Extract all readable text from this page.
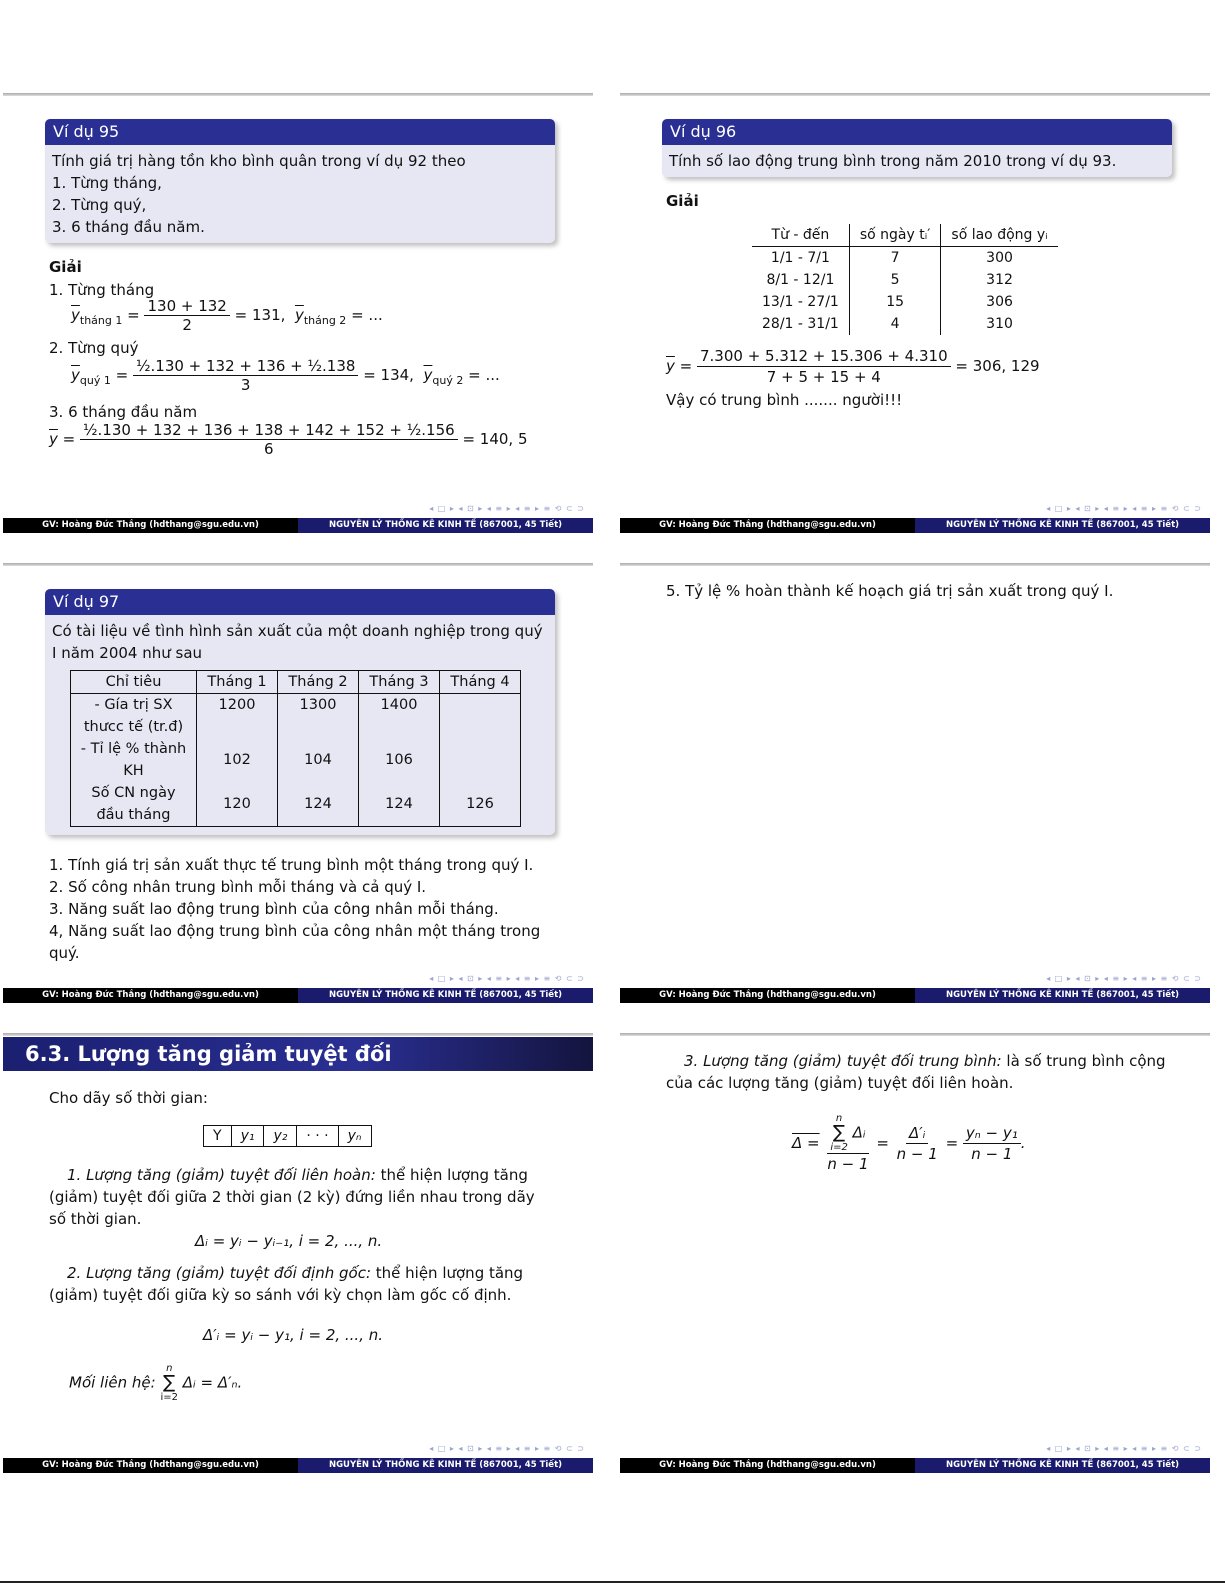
Ví dụ 95
Tính giá trị hàng tồn kho bình quân trong ví dụ 92 theo
1. Từng tháng,
2. Từng quý,
3. 6 tháng đầu năm.
Giải
1. Từng tháng
$\overline{y}_{tháng 1} = \frac{130 + 132}{2} = 131$, $\overline{y}_{tháng 2}$ = ...
2. Từng quý
$\overline{y}_{quý 1} = \frac{\text{½.130 + 132 + 136 + ½.138}}{3} = 134$, $\overline{y}_{quý 2}$ = ...
3. 6 tháng đầu năm
$\overline{y} = \frac{\text{½.130 + 132 + 136 + 138 + 142 + 152 + ½.156}}{6} = 140$, 5
◂ □ ▸ ◂ ⊡ ▸ ◂ ≡ ▸ ◂ ≡ ▸ ≡ ⟲ ⊂ ⊃
GV: Hoàng Đức Thắng (hdthang@sgu.edu.vn)	NGUYÊN LÝ THỐNG KÊ KINH TẾ (867001, 45 Tiết)
Ví dụ 96
Tính số lao động trung bình trong năm 2010 trong ví dụ 93.
Giải
Từ - đến	số ngày tᵢ′	số lao động yᵢ
1/1 - 7/1	7	300
8/1 - 12/1	5	312
13/1 - 27/1	15	306
28/1 - 31/1	4	310
$\overline{y} = \frac{7.300 + 5.312 + 15.306 + 4.310}{7 + 5 + 15 + 4} = 306$, 129
Vậy có trung bình ....... người!!!
◂ □ ▸ ◂ ⊡ ▸ ◂ ≡ ▸ ◂ ≡ ▸ ≡ ⟲ ⊂ ⊃
GV: Hoàng Đức Thắng (hdthang@sgu.edu.vn)	NGUYÊN LÝ THỐNG KÊ KINH TẾ (867001, 45 Tiết)
Ví dụ 97
Có tài liệu về tình hình sản xuất của một doanh nghiệp trong quý I năm 2004 như sau
Chỉ tiêu	Tháng 1	Tháng 2	Tháng 3	Tháng 4
- Gía trị SX thưcc tế (tr.đ)	1200	1300	1400	
- Tỉ lệ % thành KH	102	104	106	
Số CN ngày đầu tháng	120	124	124	126
1. Tính giá trị sản xuất thực tế trung bình một tháng trong quý I.
2. Số công nhân trung bình mỗi tháng và cả quý I.
3. Năng suất lao động trung bình của công nhân mỗi tháng.
4, Năng suất lao động trung bình của công nhân một tháng trong quý.
◂ □ ▸ ◂ ⊡ ▸ ◂ ≡ ▸ ◂ ≡ ▸ ≡ ⟲ ⊂ ⊃
GV: Hoàng Đức Thắng (hdthang@sgu.edu.vn)	NGUYÊN LÝ THỐNG KÊ KINH TẾ (867001, 45 Tiết)
5. Tỷ lệ % hoàn thành kế hoạch giá trị sản xuất trong quý I.
◂ □ ▸ ◂ ⊡ ▸ ◂ ≡ ▸ ◂ ≡ ▸ ≡ ⟲ ⊂ ⊃
GV: Hoàng Đức Thắng (hdthang@sgu.edu.vn)	NGUYÊN LÝ THỐNG KÊ KINH TẾ (867001, 45 Tiết)
6.3. Lượng tăng giảm tuyệt đối
Cho dãy số thời gian:
Y	y₁	y₂	· · ·	yₙ
1. Lượng tăng (giảm) tuyệt đối liên hoàn: thể hiện lượng tăng (giảm) tuyệt đối giữa 2 thời gian (2 kỳ) đứng liền nhau trong dãy số thời gian.
Δᵢ = yᵢ − yᵢ₋₁, i = 2, ..., n.
2. Lượng tăng (giảm) tuyệt đối định gốc: thể hiện lượng tăng (giảm) tuyệt đối giữa kỳ so sánh với kỳ chọn làm gốc cố định.
Δ′ᵢ = yᵢ − y₁, i = 2, ..., n.
Mối liên hệ:
n
∑
i=2
Δᵢ = Δ′ₙ.
◂ □ ▸ ◂ ⊡ ▸ ◂ ≡ ▸ ◂ ≡ ▸ ≡ ⟲ ⊂ ⊃
GV: Hoàng Đức Thắng (hdthang@sgu.edu.vn)	NGUYÊN LÝ THỐNG KÊ KINH TẾ (867001, 45 Tiết)
3. Lượng tăng (giảm) tuyệt đối trung bình: là số trung bình cộng của các lượng tăng (giảm) tuyệt đối liên hoàn.
Δ = n
∑
i=2
Δᵢ
$n - 1 = \frac{\text{Δ′ᵢ}}{n - 1} = \frac{\text{yₙ − y₁}}{n - 1}$ .
◂ □ ▸ ◂ ⊡ ▸ ◂ ≡ ▸ ◂ ≡ ▸ ≡ ⟲ ⊂ ⊃
GV: Hoàng Đức Thắng (hdthang@sgu.edu.vn)	NGUYÊN LÝ THỐNG KÊ KINH TẾ (867001, 45 Tiết)
